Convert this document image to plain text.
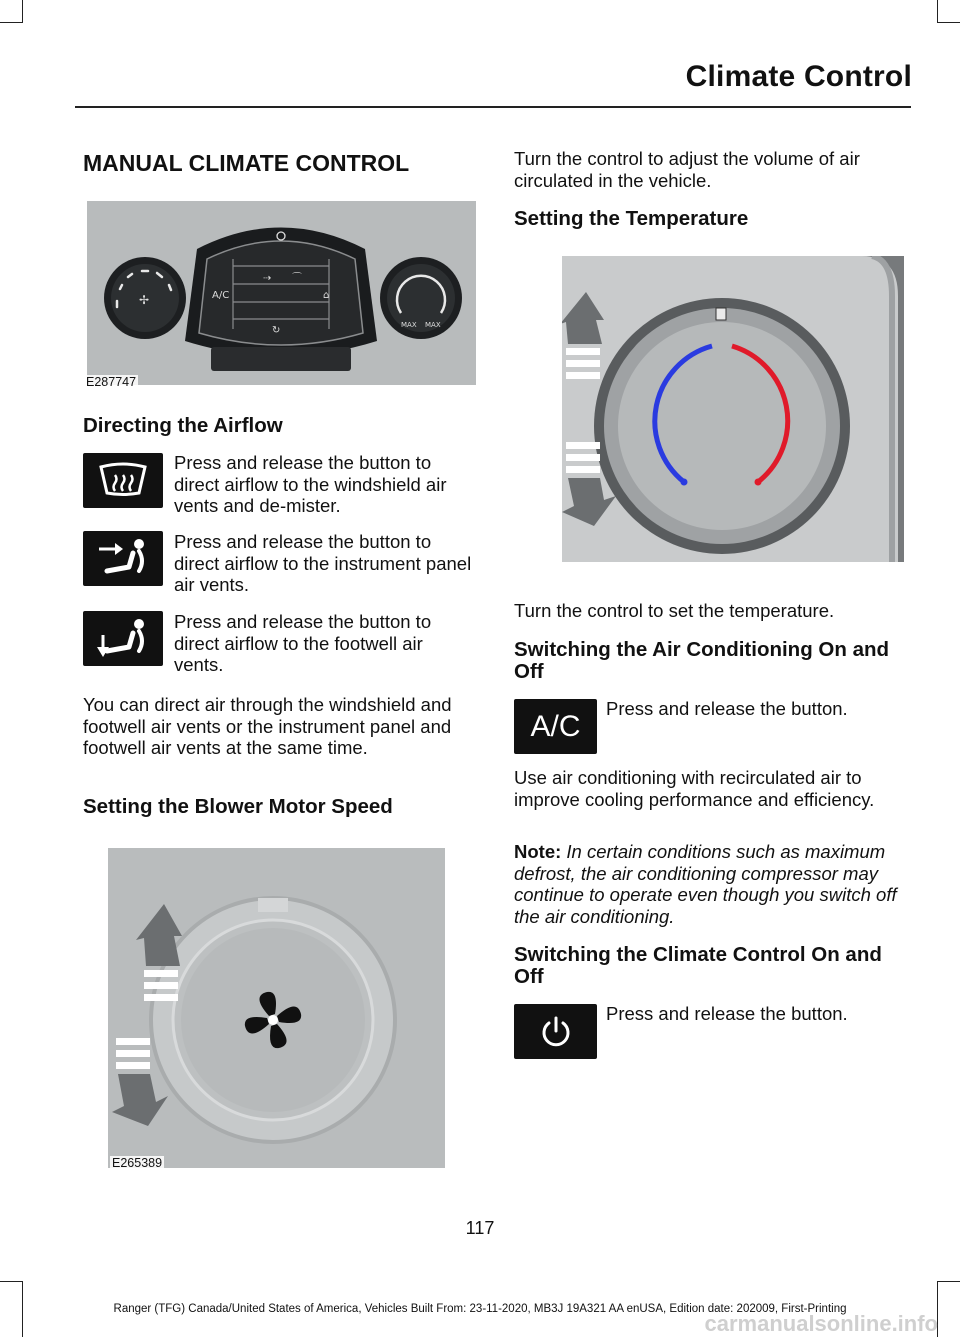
Climate Control
MANUAL CLIMATE CONTROL
✢	A/C
⇢ ⌒
⌂
↻	MAX MAX
E287747
Directing the Airflow
Press and release the button to direct airflow to the windshield air vents and de-mister.
Press and release the button to direct airflow to the instrument panel air vents.
Press and release the button to direct airflow to the footwell air vents.
You can direct air through the windshield and footwell air vents or the instrument panel and footwell air vents at the same time.
Setting the Blower Motor Speed
E265389
Turn the control to adjust the volume of air circulated in the vehicle.
Setting the Temperature
Turn the control to set the temperature.
Switching the Air Conditioning On and Off
A/C
Press and release the button.
Use air conditioning with recirculated air to improve cooling performance and efficiency.
Note: In certain conditions such as maximum defrost, the air conditioning compressor may continue to operate even though you switch off the air conditioning.
Switching the Climate Control On and Off
Press and release the button.
117
Ranger (TFG) Canada/United States of America, Vehicles Built From: 23-11-2020, MB3J 19A321 AA enUSA, Edition date: 202009, First-Printing
carmanualsonline.info
